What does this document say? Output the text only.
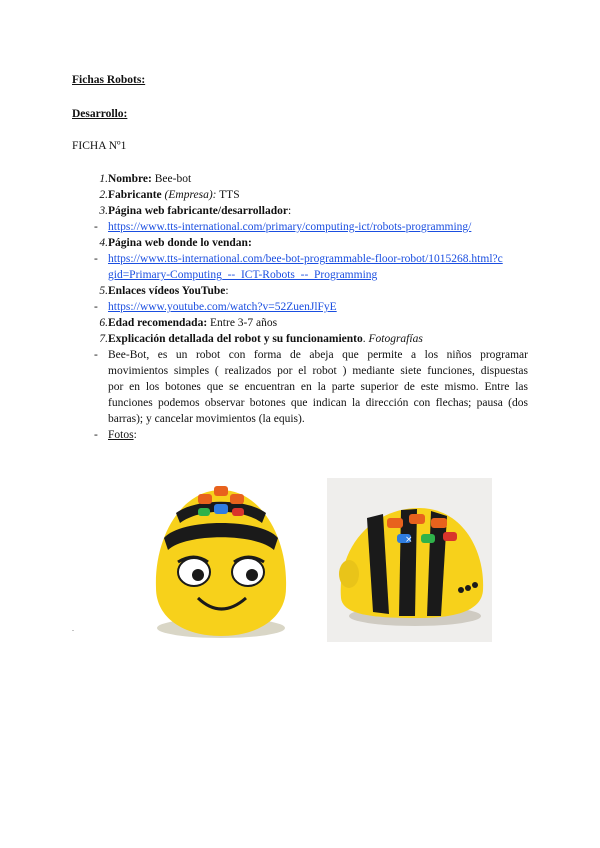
Fichas Robots:
Desarrollo:
FICHA Nº1
1. Nombre: Bee-bot
2. Fabricante (Empresa): TTS
3. Página web fabricante/desarrollador:
- https://www.tts-international.com/primary/computing-ict/robots-programming/
4. Página web donde lo vendan:
- https://www.tts-international.com/bee-bot-programmable-floor-robot/1015268.html?c
gid=Primary-Computing_--_ICT-Robots_--_Programming
5. Enlaces vídeos YouTube:
- https://www.youtube.com/watch?v=52ZuenJlFyE
6. Edad recomendada: Entre 3-7 años
7. Explicación detallada del robot y su funcionamiento. Fotografías
- Bee-Bot, es un robot con forma de abeja que permite a los niños programar
movimientos simples ( realizados por el robot ) mediante siete funciones, dispuestas
por en los botones que se encuentran en la parte superior de este mismo. Entre las
funciones podemos observar botones que indican la dirección con flechas; pausa (dos
barras); y cancelar movimientos (la equis).
- Fotos:
×
.
